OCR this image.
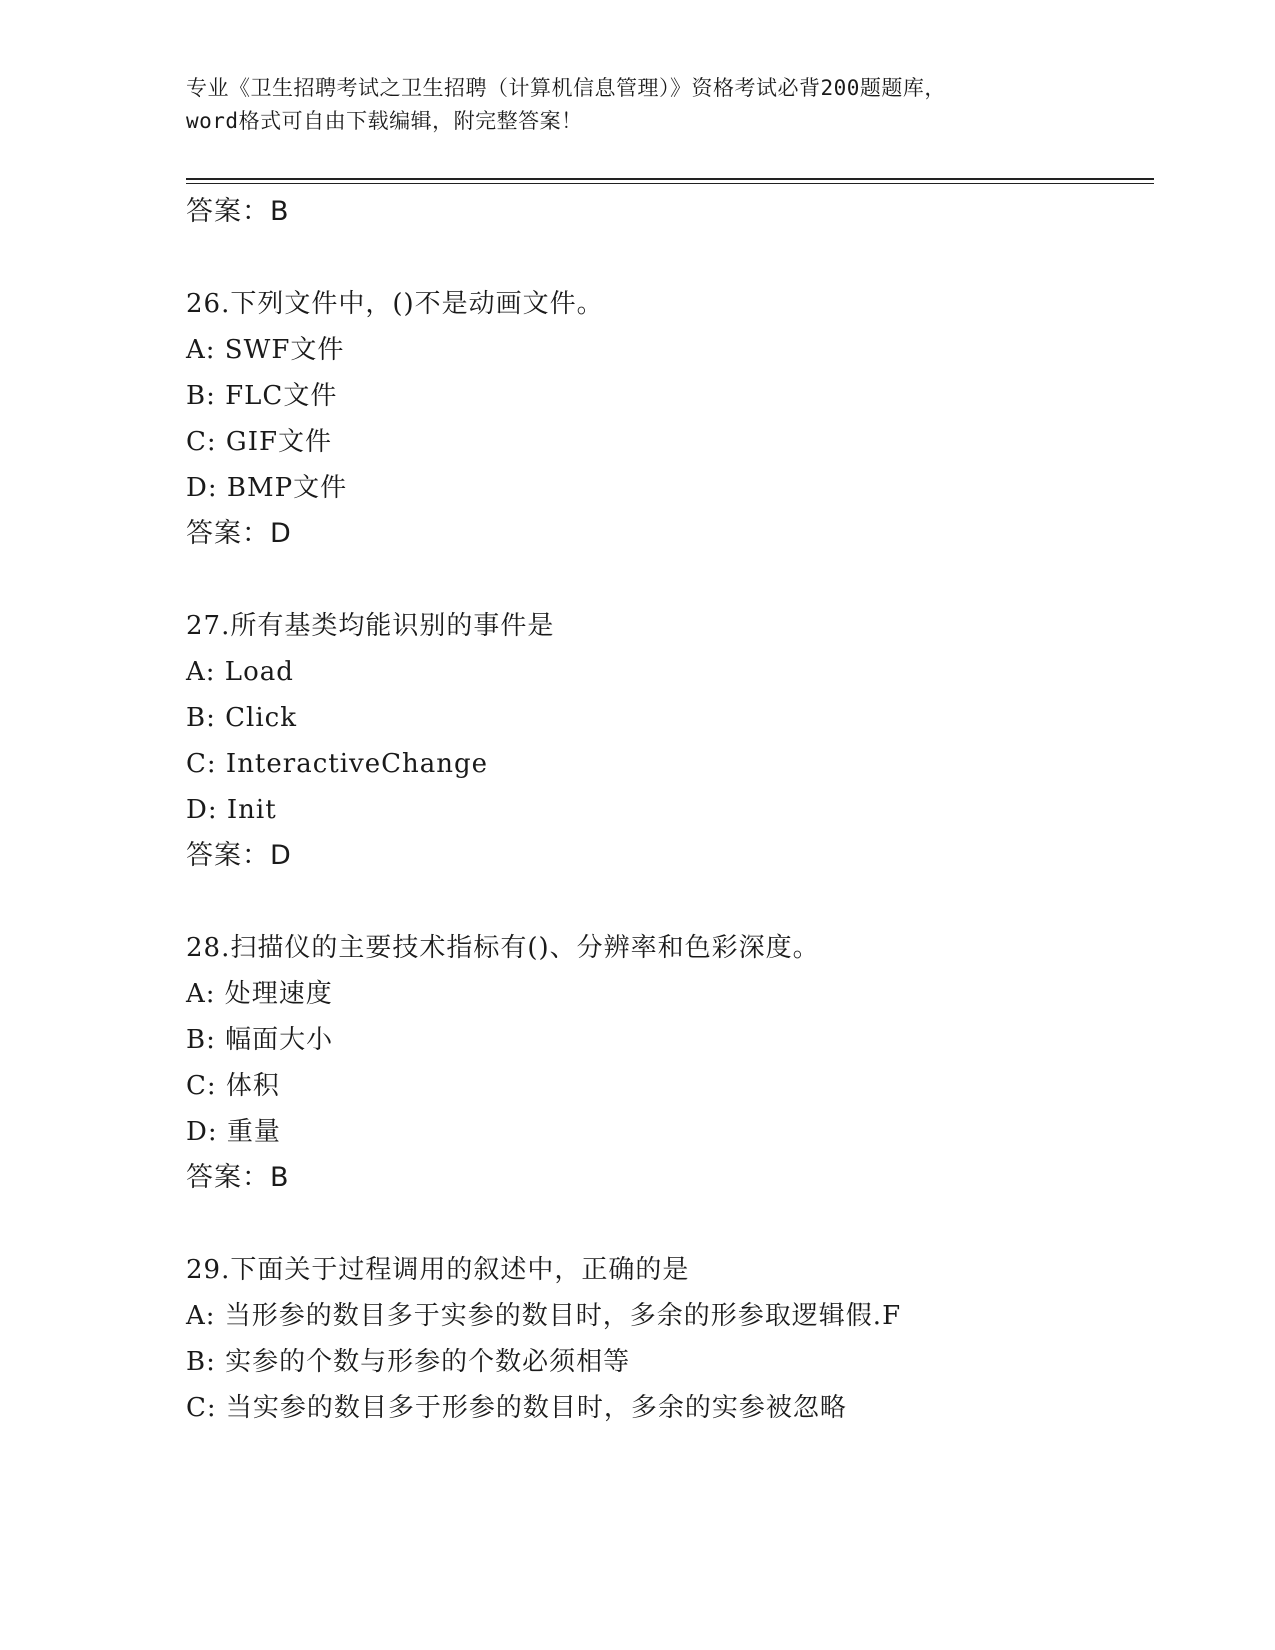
专业《卫生招聘考试之卫生招聘（计算机信息管理）》资格考试必背200题题库，
word格式可自由下载编辑，附完整答案！
答案：B
26.下列文件中，()不是动画文件。
A: SWF文件
B: FLC文件
C: GIF文件
D: BMP文件
答案：D
27.所有基类均能识别的事件是
A: Load
B: Click
C: InteractiveChange
D: Init
答案：D
28.扫描仪的主要技术指标有()、分辨率和色彩深度。
A: 处理速度
B: 幅面大小
C: 体积
D: 重量
答案：B
29.下面关于过程调用的叙述中，正确的是
A: 当形参的数目多于实参的数目时，多余的形参取逻辑假.F
B: 实参的个数与形参的个数必须相等
C: 当实参的数目多于形参的数目时，多余的实参被忽略
